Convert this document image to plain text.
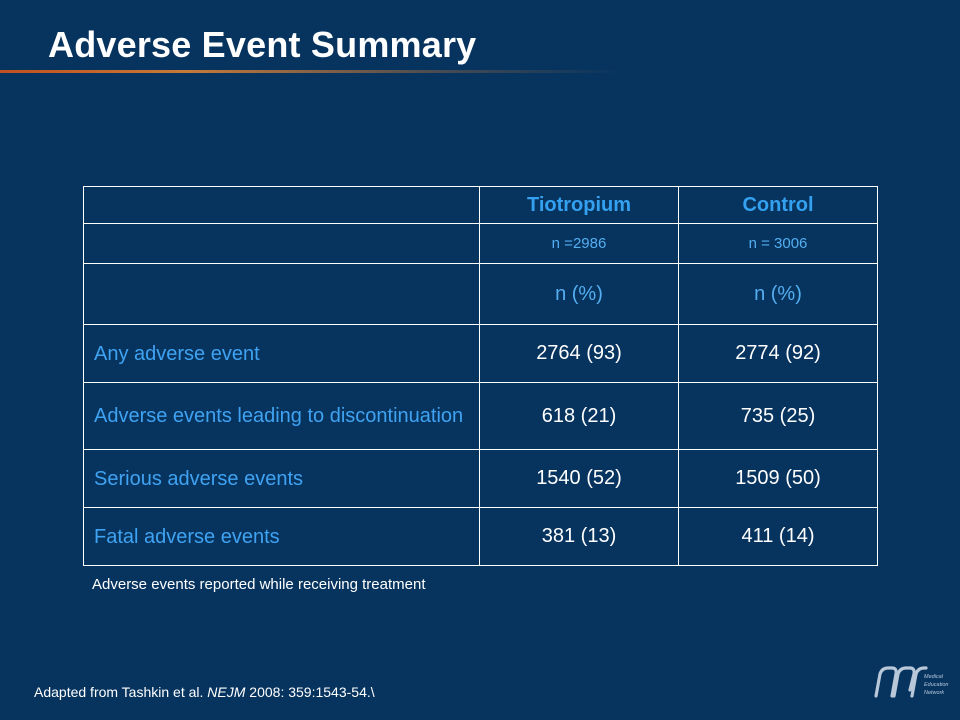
Adverse Event Summary
	Tiotropium	Control
	n =2986	n = 3006
	n (%)	n (%)
Any adverse event	2764 (93)	2774 (92)
Adverse events leading to discontinuation	618 (21)	735 (25)
Serious adverse events	1540 (52)	1509 (50)
Fatal adverse events	381 (13)	411 (14)
Adverse events reported while receiving treatment
Adapted from Tashkin et al. NEJM 2008: 359:1543-54.\
Medical
Education
Network
